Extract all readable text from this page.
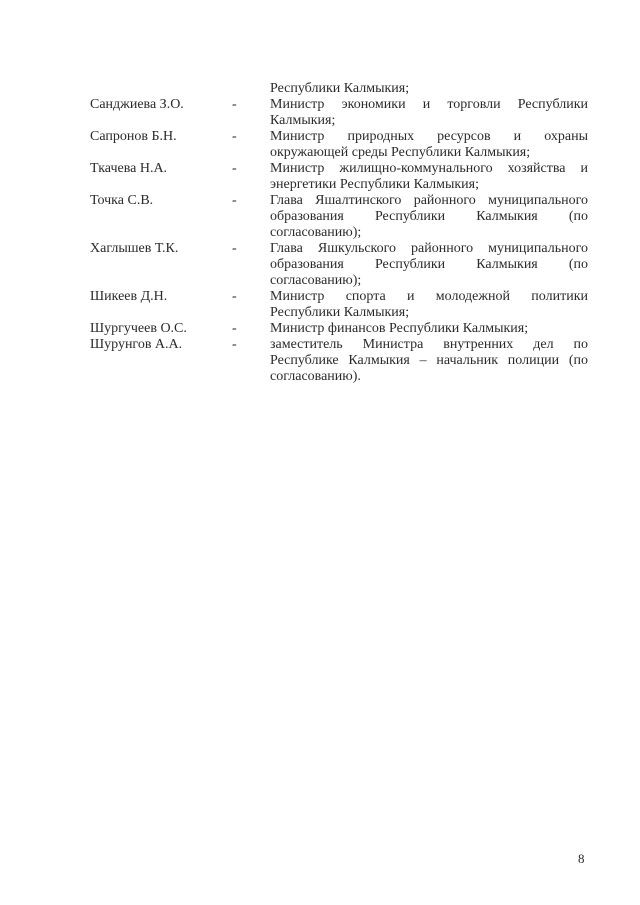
Республики Калмыкия;
Санджиева З.О.	-	Министр экономики и торговли Республики Калмыкия;
Сапронов Б.Н.	-	Министр природных ресурсов и охраны окружающей среды Республики Калмыкия;
Ткачева Н.А.	-	Министр жилищно-коммунального хозяйства и энергетики Республики Калмыкия;
Точка С.В.	-	Глава Яшалтинского районного муниципального образования Республики Калмыкия (по согласованию);
Хаглышев Т.К.	-	Глава Яшкульского районного муниципального образования Республики Калмыкия (по согласованию);
Шикеев Д.Н.	-	Министр спорта и молодежной политики Республики Калмыкия;
Шургучеев О.С.	-	Министр финансов Республики Калмыкия;
Шурунгов А.А.	-	заместитель Министра внутренних дел по Республике Калмыкия – начальник полиции (по согласованию).
8
